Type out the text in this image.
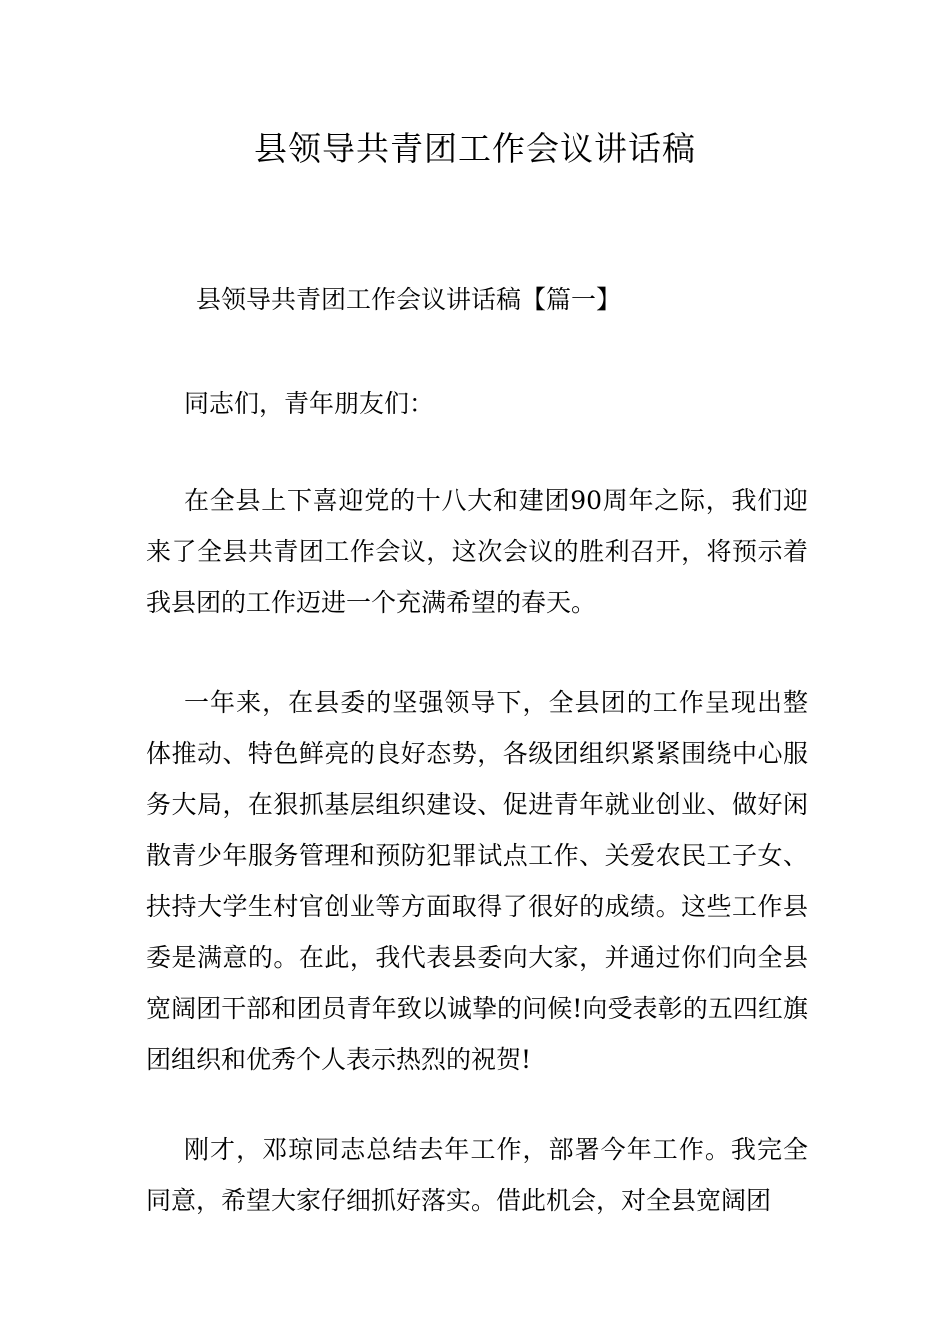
县领导共青团工作会议讲话稿
县领导共青团工作会议讲话稿【篇一】

同志们，青年朋友们：

在全县上下喜迎党的十八大和建团90周年之际，我们迎来了全县共青团工作会议，这次会议的胜利召开，将预示着我县团的工作迈进一个充满希望的春天。

一年来，在县委的坚强领导下，全县团的工作呈现出整体推动、特色鲜亮的良好态势，各级团组织紧紧围绕中心服务大局，在狠抓基层组织建设、促进青年就业创业、做好闲散青少年服务管理和预防犯罪试点工作、关爱农民工子女、扶持大学生村官创业等方面取得了很好的成绩。这些工作县委是满意的。在此，我代表县委向大家，并通过你们向全县宽阔团干部和团员青年致以诚挚的问候!向受表彰的五四红旗团组织和优秀个人表示热烈的祝贺!

刚才，邓琼同志总结去年工作，部署今年工作。我完全同意，希望大家仔细抓好落实。借此机会，对全县宽阔团
